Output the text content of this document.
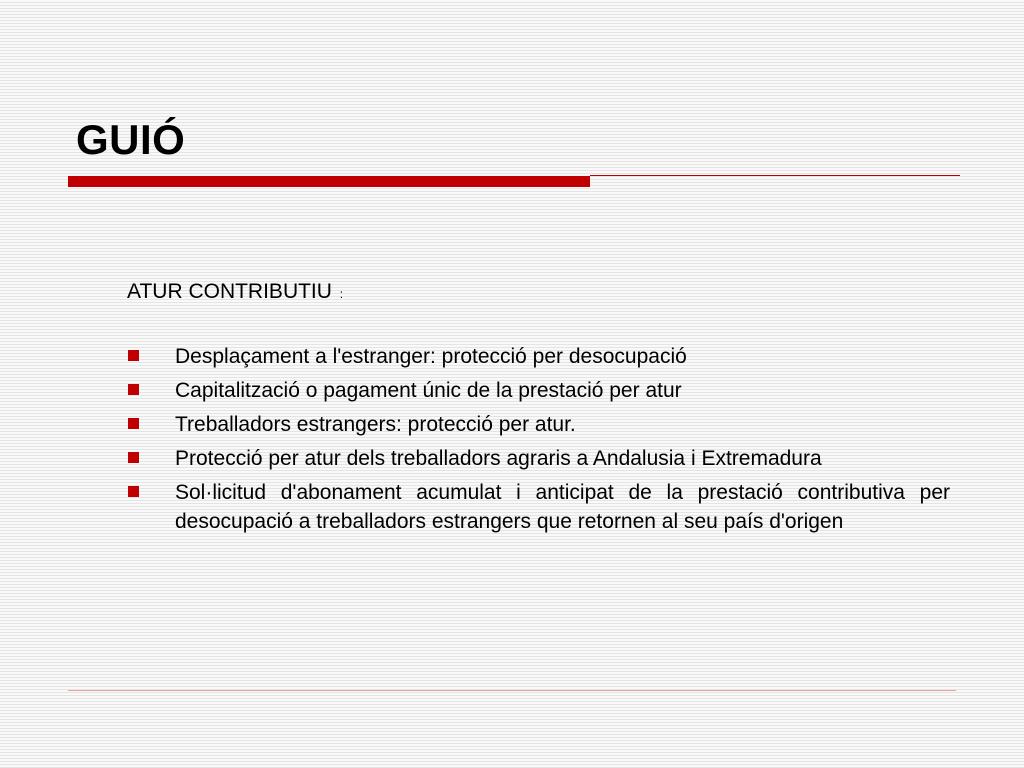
GUIÓ

ATUR CONTRIBUTIU :

Desplaçament a l'estranger: protecció per desocupació
Capitalització o pagament únic de la prestació per atur
Treballadors estrangers: protecció per atur.
Protecció per atur dels treballadors agraris a Andalusia i Extremadura
Sol·licitud d'abonament acumulat i anticipat de la prestació contributiva per desocupació a treballadors estrangers que retornen al seu país d'origen
